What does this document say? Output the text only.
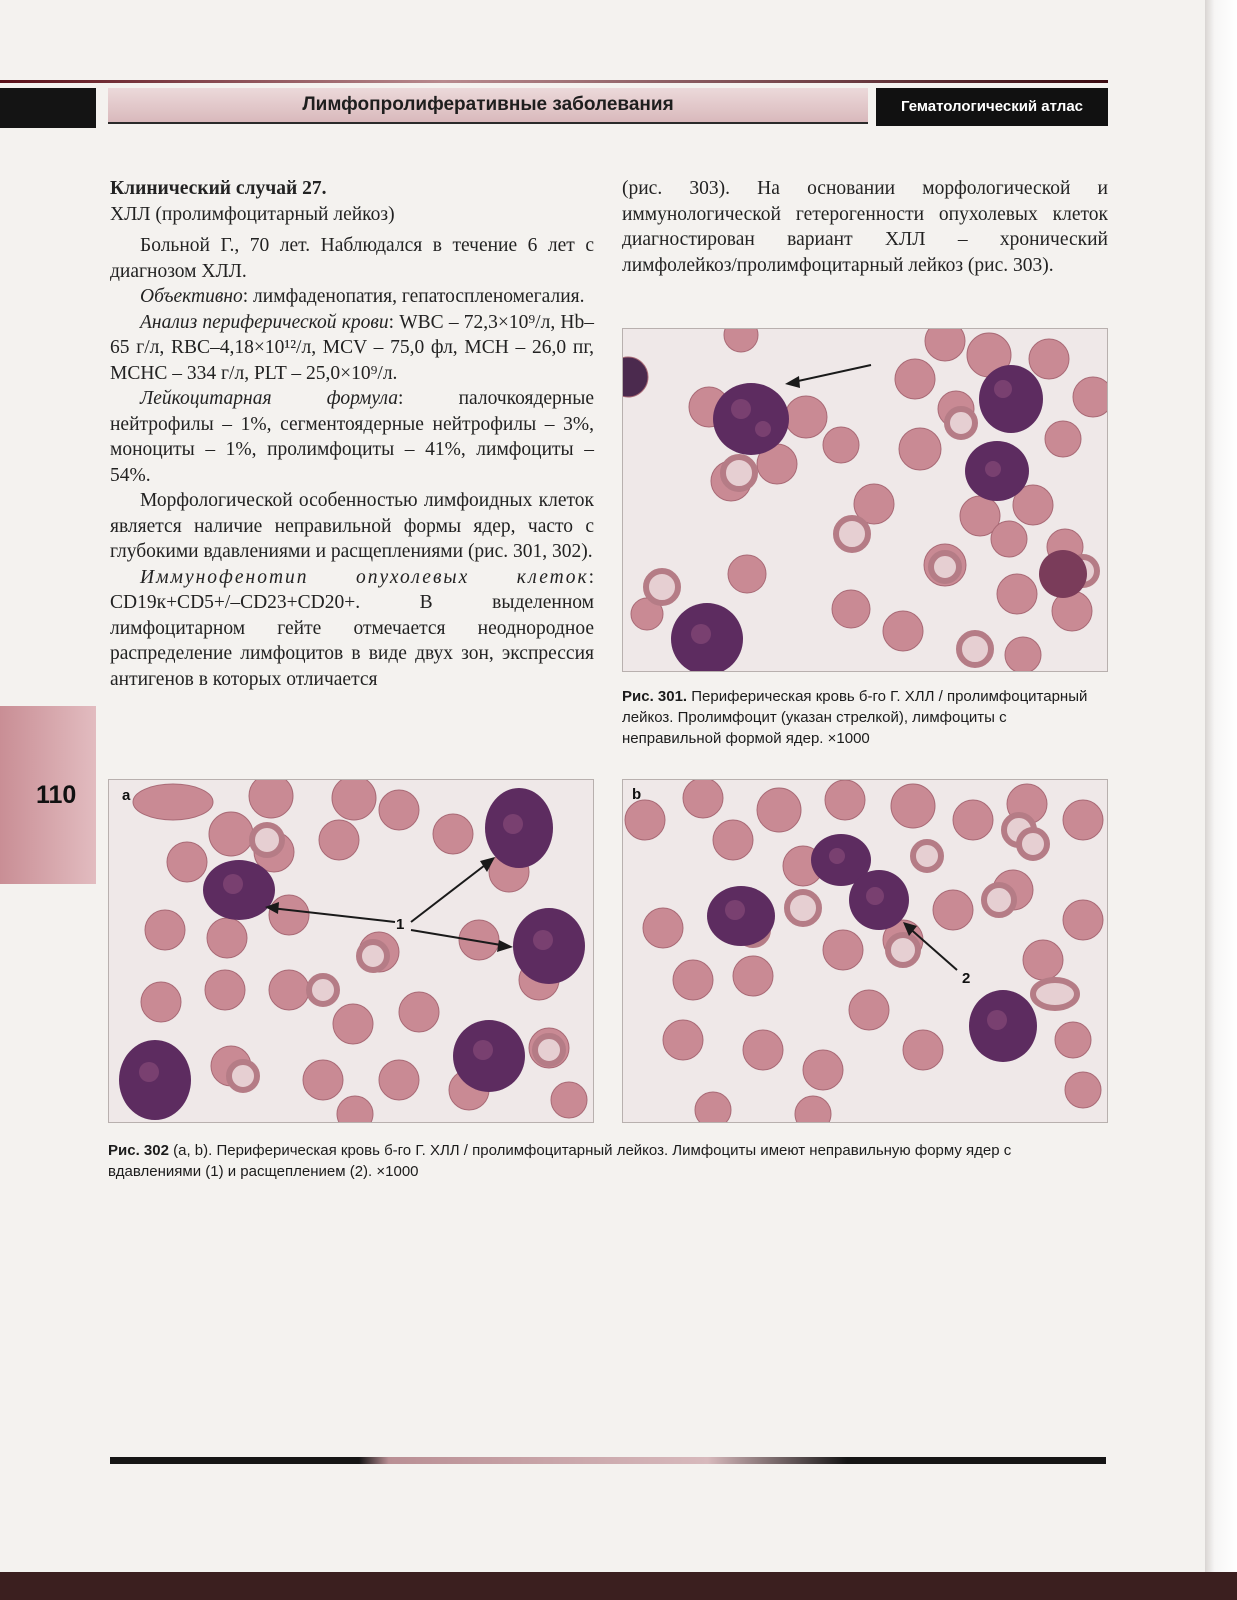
Лимфопролиферативные заболевания	Гематологический атлас
110

Клинический случай 27.

ХЛЛ (пролимфоцитарный лейкоз)

Больной Г., 70 лет. Наблюдался в течение 6 лет с диагнозом ХЛЛ.

Объективно: лимфаденопатия, гепатоспленомегалия.

Анализ периферической крови: WBC – 72,3×10⁹/л, Hb–65 г/л, RBC–4,18×10¹²/л, MCV – 75,0 фл, MCH – 26,0 пг, MCHC – 334 г/л, PLT – 25,0×10⁹/л.

Лейкоцитарная формула: палочкоядерные нейтрофилы – 1%, сегментоядерные нейтрофилы – 3%, моноциты – 1%, пролимфоциты – 41%, лимфоциты – 54%.

Морфологической особенностью лимфоидных клеток является наличие неправильной формы ядер, часто с глубокими вдавлениями и расщеплениями (рис. 301, 302).

Иммунофенотип опухолевых клеток: CD19к+CD5+/–CD23+CD20+. В выделенном лимфоцитарном гейте отмечается неоднородное распределение лимфоцитов в виде двух зон, экспрессия антигенов в которых отличается

(рис. 303). На основании морфологической и иммунологической гетерогенности опухолевых клеток диагностирован вариант ХЛЛ – хронический лимфолейкоз/пролимфоцитарный лейкоз (рис. 303).

Рис. 301. Периферическая кровь б-го Г. ХЛЛ / пролимфоцитарный лейкоз. Пролимфоцит (указан стрелкой), лимфоциты с неправильной формой ядер. ×1000
a
1
b
2
Рис. 302 (a, b). Периферическая кровь б-го Г. ХЛЛ / пролимфоцитарный лейкоз. Лимфоциты имеют неправильную форму ядер с вдавлениями (1) и расщеплением (2). ×1000
